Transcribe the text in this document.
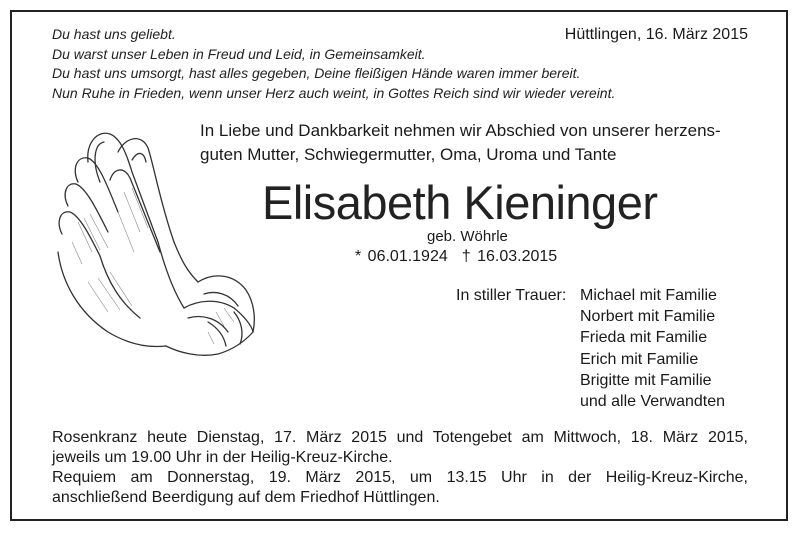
Du hast uns geliebt.
Du warst unser Leben in Freud und Leid, in Gemeinsamkeit.
Du hast uns umsorgt, hast alles gegeben, Deine fleißigen Hände waren immer bereit.
Nun Ruhe in Frieden, wenn unser Herz auch weint, in Gottes Reich sind wir wieder vereint.
Hüttlingen, 16. März 2015
In Liebe und Dankbarkeit nehmen wir Abschied von unserer herzens-
guten Mutter, Schwiegermutter, Oma, Uroma und Tante
Elisabeth Kieninger
geb. Wöhrle
* 06.01.1924 † 16.03.2015
In stiller Trauer: Michael mit Familie
Norbert mit Familie
Frieda mit Familie
Erich mit Familie
Brigitte mit Familie
und alle Verwandten
Rosenkranz heute Dienstag, 17. März 2015 und Totengebet am Mittwoch, 18. März 2015,
jeweils um 19.00 Uhr in der Heilig-Kreuz-Kirche.
Requiem am Donnerstag, 19. März 2015, um 13.15 Uhr in der Heilig-Kreuz-Kirche,
anschließend Beerdigung auf dem Friedhof Hüttlingen.
